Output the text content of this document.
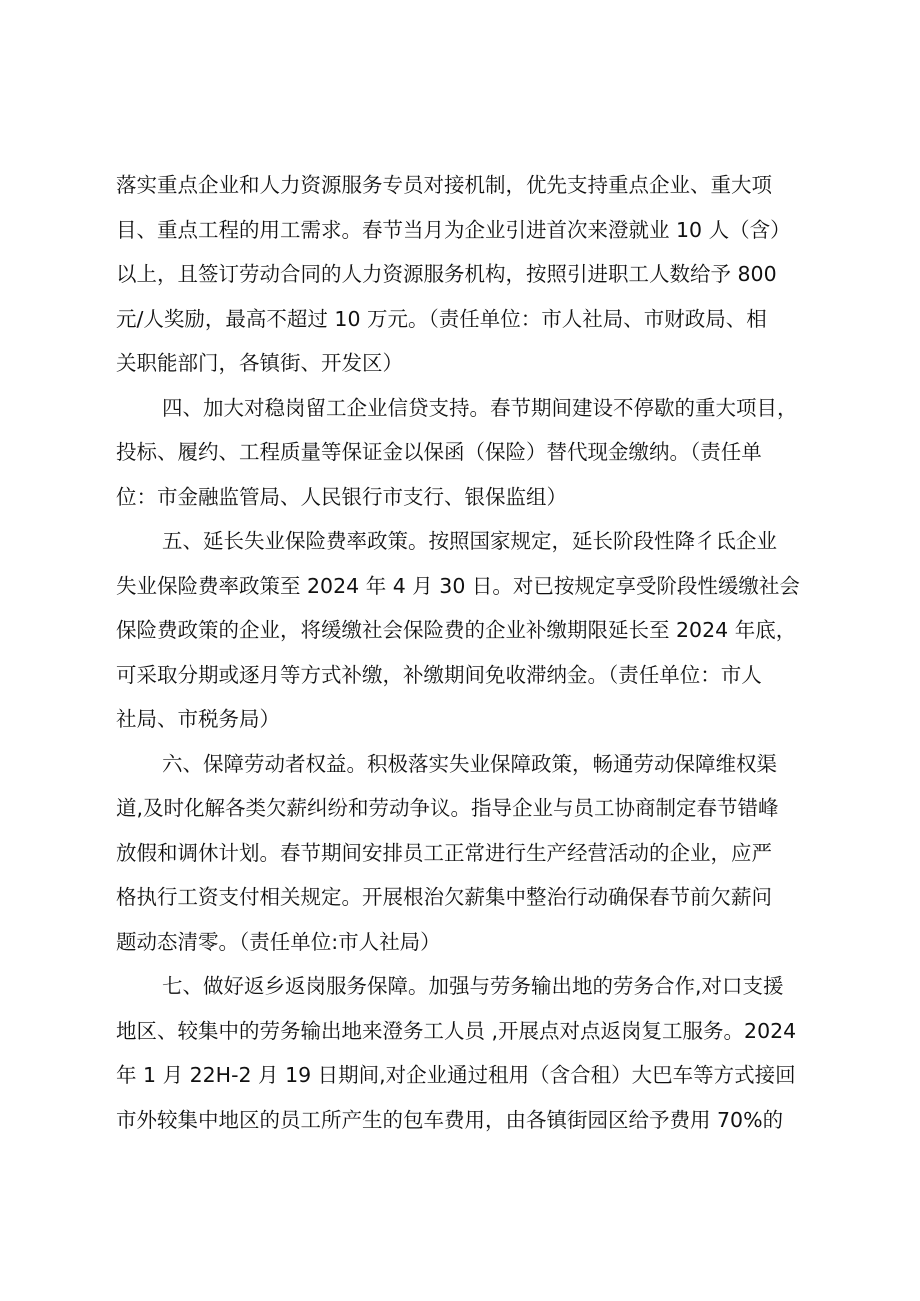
落实重点企业和人力资源服务专员对接机制，优先支持重点企业、重大项
目、重点工程的用工需求。春节当月为企业引进首次来澄就业 10 人（含）
以上，且签订劳动合同的人力资源服务机构，按照引进职工人数给予 800
元/人奖励，最高不超过 10 万元。（责任单位：市人社局、市财政局、相
关职能部门，各镇街、开发区）
四、加大对稳岗留工企业信贷支持。春节期间建设不停歇的重大项目，
投标、履约、工程质量等保证金以保函（保险）替代现金缴纳。（责任单
位：市金融监管局、人民银行市支行、银保监组）
五、延长失业保险费率政策。按照国家规定，延长阶段性降彳氐企业
失业保险费率政策至 2024 年 4 月 30 日。对已按规定享受阶段性缓缴社会
保险费政策的企业，将缓缴社会保险费的企业补缴期限延长至 2024 年底，
可采取分期或逐月等方式补缴，补缴期间免收滞纳金。（责任单位：市人
社局、市税务局）
六、保障劳动者权益。积极落实失业保障政策，畅通劳动保障维权渠
道,及时化解各类欠薪纠纷和劳动争议。指导企业与员工协商制定春节错峰
放假和调休计划。春节期间安排员工正常进行生产经营活动的企业，应严
格执行工资支付相关规定。开展根治欠薪集中整治行动确保春节前欠薪问
题动态清零。（责任单位:市人社局）
七、做好返乡返岗服务保障。加强与劳务输出地的劳务合作,对口支援
地区、较集中的劳务输出地来澄务工人员 ,开展点对点返岗复工服务。2024
年 1 月 22H-2 月 19 日期间,对企业通过租用（含合租）大巴车等方式接回
市外较集中地区的员工所产生的包车费用，由各镇街园区给予费用 70%的
